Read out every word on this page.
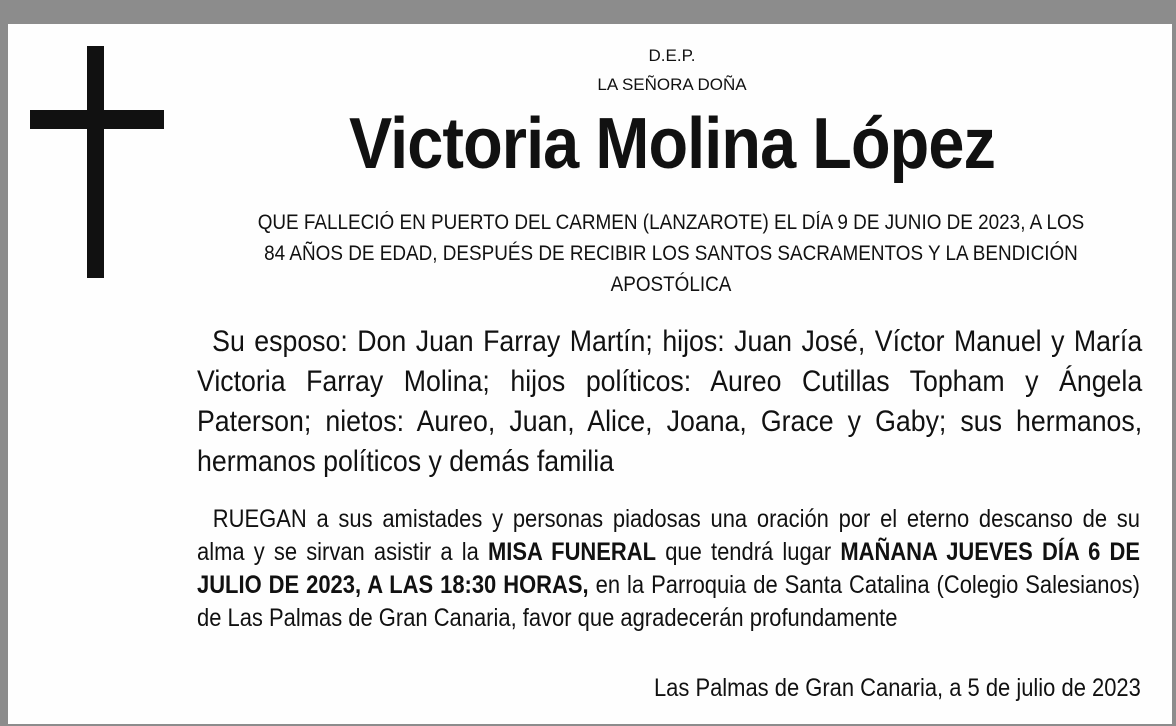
D.E.P.
LA SEÑORA DOÑA
Victoria Molina López
QUE FALLECIÓ EN PUERTO DEL CARMEN (LANZAROTE) EL DÍA 9 DE JUNIO DE 2023, A LOS 84 AÑOS DE EDAD, DESPUÉS DE RECIBIR LOS SANTOS SACRAMENTOS Y LA BENDICIÓN APOSTÓLICA
Su esposo: Don Juan Farray Martín; hijos: Juan José, Víctor Manuel y María Victoria Farray Molina; hijos políticos: Aureo Cutillas Topham y Ángela Paterson; nietos: Aureo, Juan, Alice, Joana, Grace y Gaby; sus hermanos, hermanos políticos y demás familia
RUEGAN a sus amistades y personas piadosas una oración por el eterno descanso de su alma y se sirvan asistir a la MISA FUNERAL que tendrá lugar MAÑANA JUEVES DÍA 6 DE JULIO DE 2023, A LAS 18:30 HORAS, en la Parroquia de Santa Catalina (Colegio Salesianos) de Las Palmas de Gran Canaria, favor que agradecerán profundamente
Las Palmas de Gran Canaria, a 5 de julio de 2023
